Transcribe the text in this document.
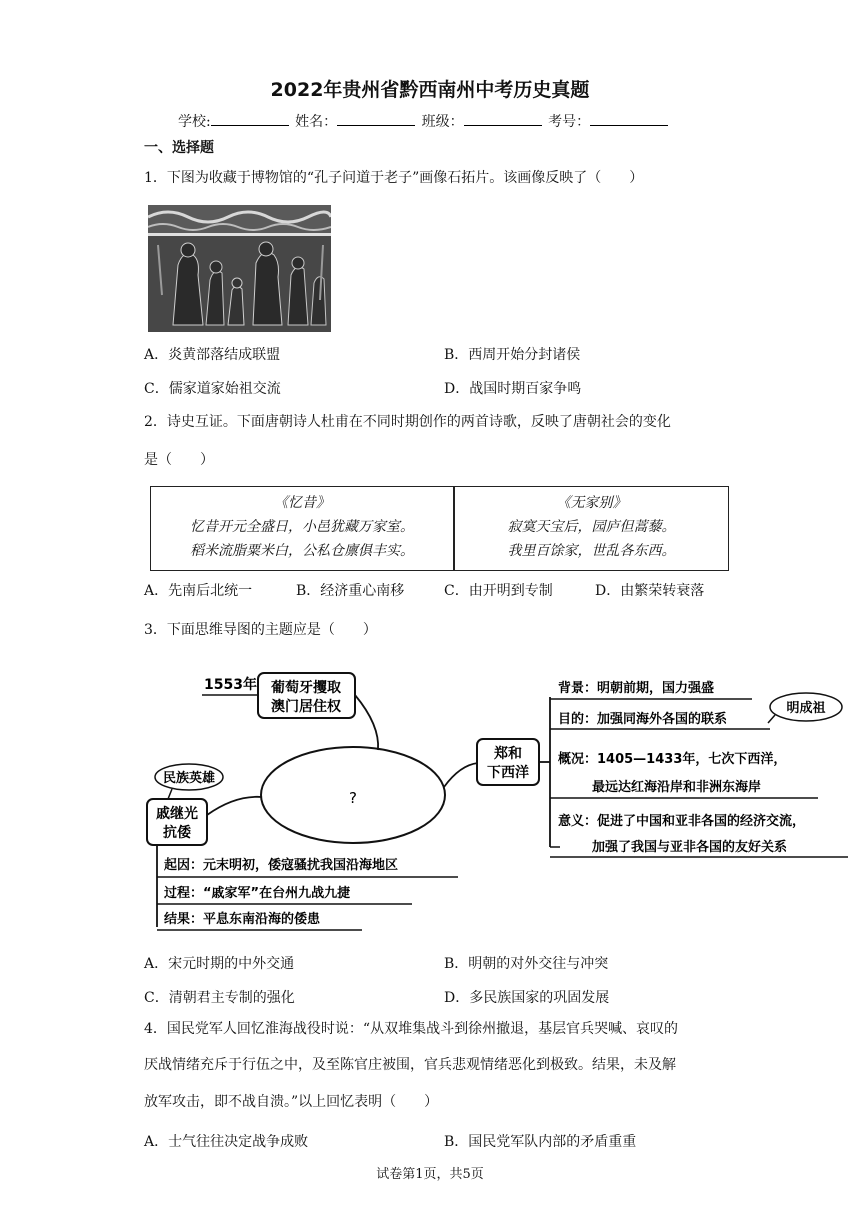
2022年贵州省黔西南州中考历史真题
学校:	姓名：	班级：	考号：
一、选择题
1．下图为收藏于博物馆的“孔子问道于老子”画像石拓片。该画像反映了（　　）
A．炎黄部落结成联盟	B．西周开始分封诸侯
C．儒家道家始祖交流	D．战国时期百家争鸣
2．诗史互证。下面唐朝诗人杜甫在不同时期创作的两首诗歌，反映了唐朝社会的变化
是（　　）
《忆昔》
忆昔开元全盛日，小邑犹藏万家室。
稻米流脂粟米白，公私仓廪俱丰实。
《无家别》
寂寞天宝后，园庐但蒿藜。
我里百馀家，世乱各东西。
A．先南后北统一	B．经济重心南移	C．由开明到专制	D．由繁荣转衰落
3．下面思维导图的主题应是（　　）
?
1553年 葡萄牙攫取
澳门居住权
民族英雄
戚继光
抗倭
起因：元末明初，倭寇骚扰我国沿海地区
过程：“戚家军”在台州九战九捷
结果：平息东南沿海的倭患
郑和
下西洋
背景：明朝前期，国力强盛
目的：加强同海外各国的联系
明成祖
概况：1405—1433年，七次下西洋，
最远达红海沿岸和非洲东海岸
意义：促进了中国和亚非各国的经济交流，
加强了我国与亚非各国的友好关系
A．宋元时期的中外交通	B．明朝的对外交往与冲突
C．清朝君主专制的强化	D．多民族国家的巩固发展
4．国民党军人回忆淮海战役时说：“从双堆集战斗到徐州撤退，基层官兵哭喊、哀叹的
厌战情绪充斥于行伍之中，及至陈官庄被围，官兵悲观情绪恶化到极致。结果，未及解
放军攻击，即不战自溃。”以上回忆表明（　　）
A．士气往往决定战争成败	B．国民党军队内部的矛盾重重
试卷第1页，共5页
